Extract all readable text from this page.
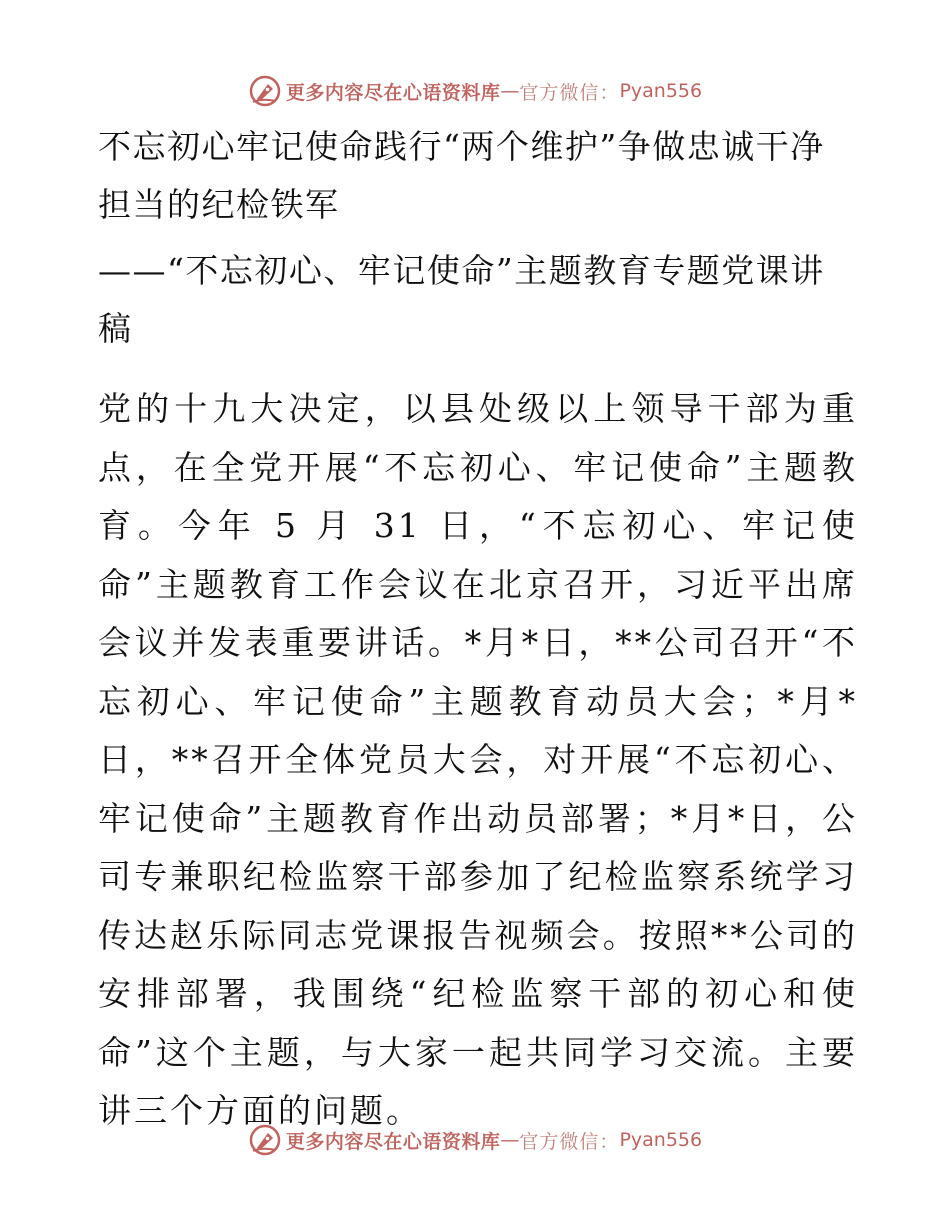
更多内容尽在心语资料库 — 官方微信： Pyan556
不忘初心牢记使命践行“两个维护”争做忠诚干净担当的纪检铁军

——“不忘初心、牢记使命”主题教育专题党课讲稿

党的十九大决定，以县处级以上领导干部为重点，在全党开展“不忘初心、牢记使命”主题教育。今年 5 月 31 日，“不忘初心、牢记使命”主题教育工作会议在北京召开，习近平出席会议并发表重要讲话。*月*日，**公司召开“不忘初心、牢记使命”主题教育动员大会；*月*日，**召开全体党员大会，对开展“不忘初心、牢记使命”主题教育作出动员部署；*月*日，公司专兼职纪检监察干部参加了纪检监察系统学习传达赵乐际同志党课报告视频会。按照**公司的安排部署，我围绕“纪检监察干部的初心和使命”这个主题，与大家一起共同学习交流。主要讲三个方面的问题。

更多内容尽在心语资料库 — 官方微信： Pyan556
